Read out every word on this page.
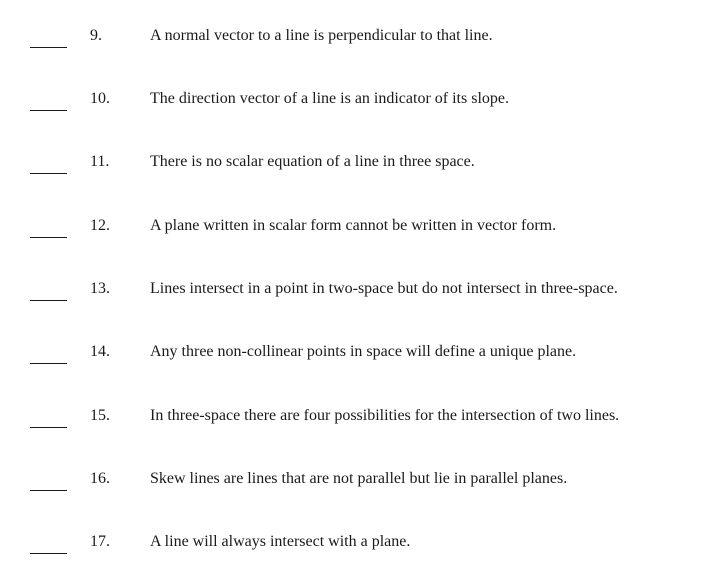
9.	A normal vector to a line is perpendicular to that line.
10.	The direction vector of a line is an indicator of its slope.
11.	There is no scalar equation of a line in three space.
12.	A plane written in scalar form cannot be written in vector form.
13.	Lines intersect in a point in two-space but do not intersect in three-space.
14.	Any three non-collinear points in space will define a unique plane.
15.	In three-space there are four possibilities for the intersection of two lines.
16.	Skew lines are lines that are not parallel but lie in parallel planes.
17.	A line will always intersect with a plane.
